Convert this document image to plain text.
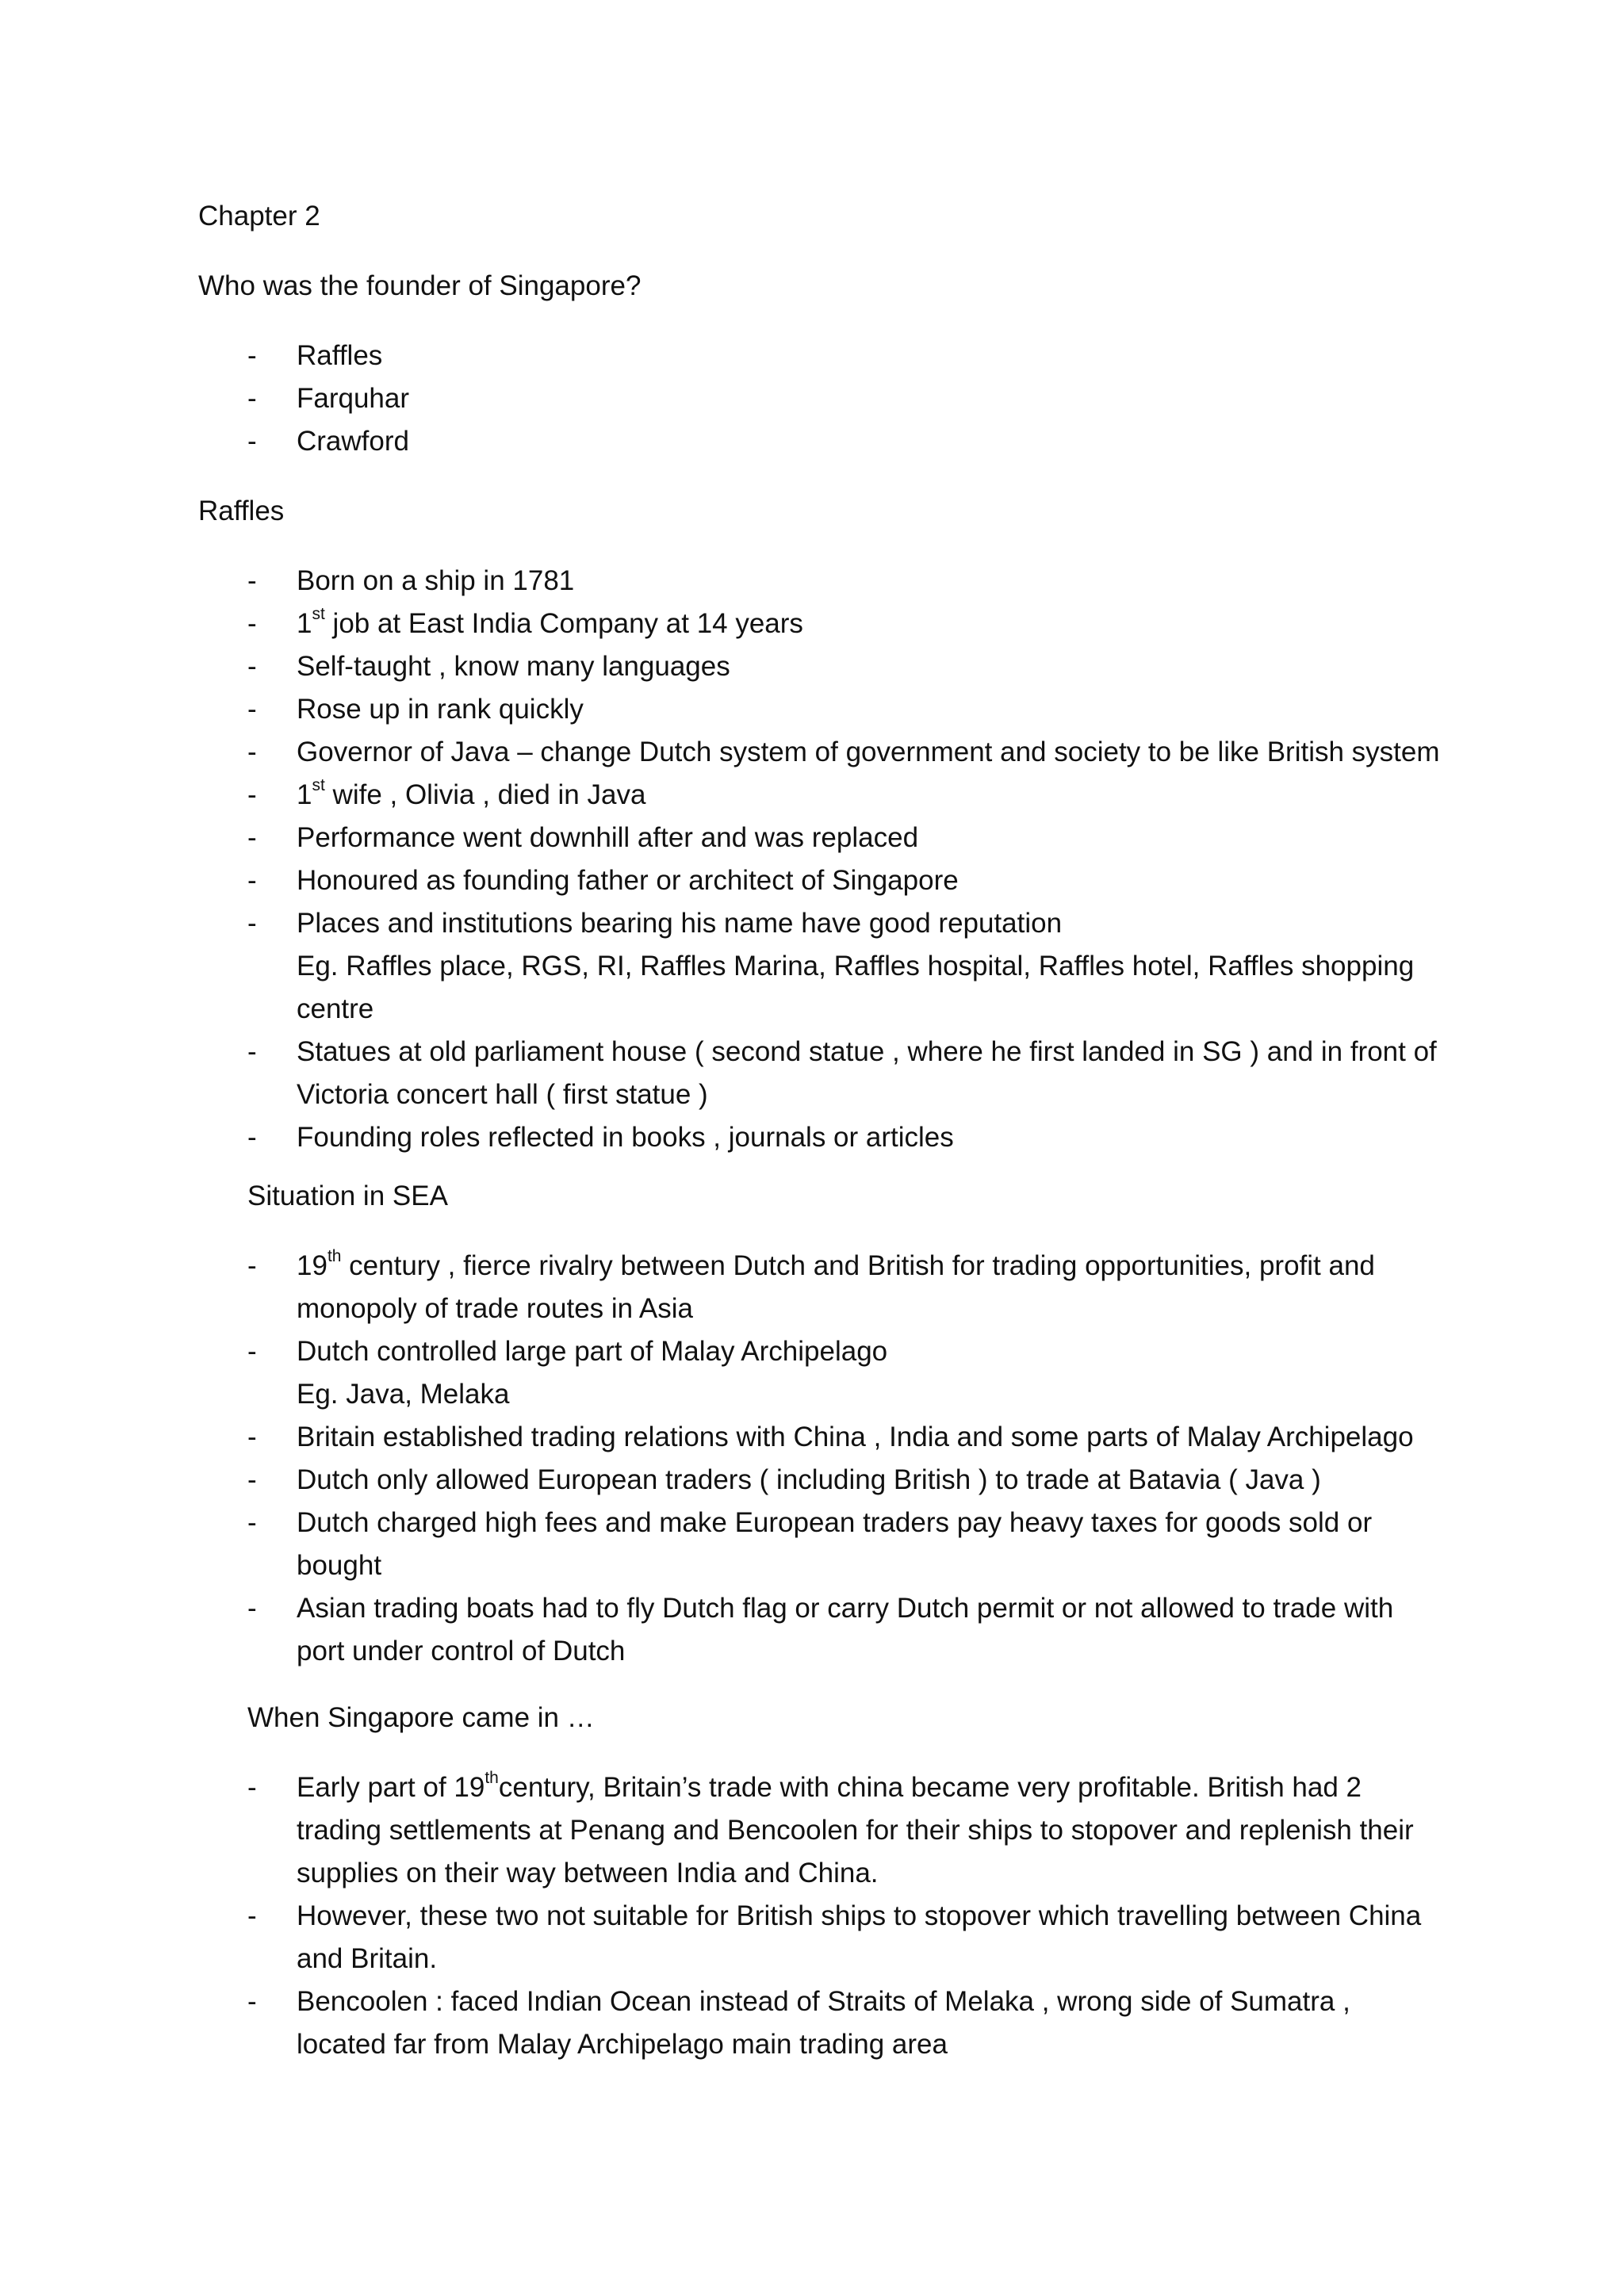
Chapter 2

Who was the founder of Singapore?

- Raffles
- Farquhar
- Crawford

Raffles

- Born on a ship in 1781
- 1st job at East India Company at 14 years
- Self-taught , know many languages
- Rose up in rank quickly
- Governor of Java – change Dutch system of government and society to be like British system
- 1st wife , Olivia , died in Java
- Performance went downhill after and was replaced
- Honoured as founding father or architect of Singapore
- Places and institutions bearing his name have good reputation
Eg. Raffles place, RGS, RI, Raffles Marina, Raffles hospital, Raffles hotel, Raffles shopping
centre
- Statues at old parliament house ( second statue , where he first landed in SG ) and in front of
Victoria concert hall ( first statue )
- Founding roles reflected in books , journals or articles

Situation in SEA

- 19th century , fierce rivalry between Dutch and British for trading opportunities, profit and
monopoly of trade routes in Asia
- Dutch controlled large part of Malay Archipelago
Eg. Java, Melaka
- Britain established trading relations with China , India and some parts of Malay Archipelago
- Dutch only allowed European traders ( including British ) to trade at Batavia ( Java )
- Dutch charged high fees and make European traders pay heavy taxes for goods sold or
bought
- Asian trading boats had to fly Dutch flag or carry Dutch permit or not allowed to trade with
port under control of Dutch

When Singapore came in …

- Early part of 19thcentury, Britain’s trade with china became very profitable. British had 2
trading settlements at Penang and Bencoolen for their ships to stopover and replenish their
supplies on their way between India and China.
- However, these two not suitable for British ships to stopover which travelling between China
and Britain.
- Bencoolen : faced Indian Ocean instead of Straits of Melaka , wrong side of Sumatra ,
located far from Malay Archipelago main trading area
